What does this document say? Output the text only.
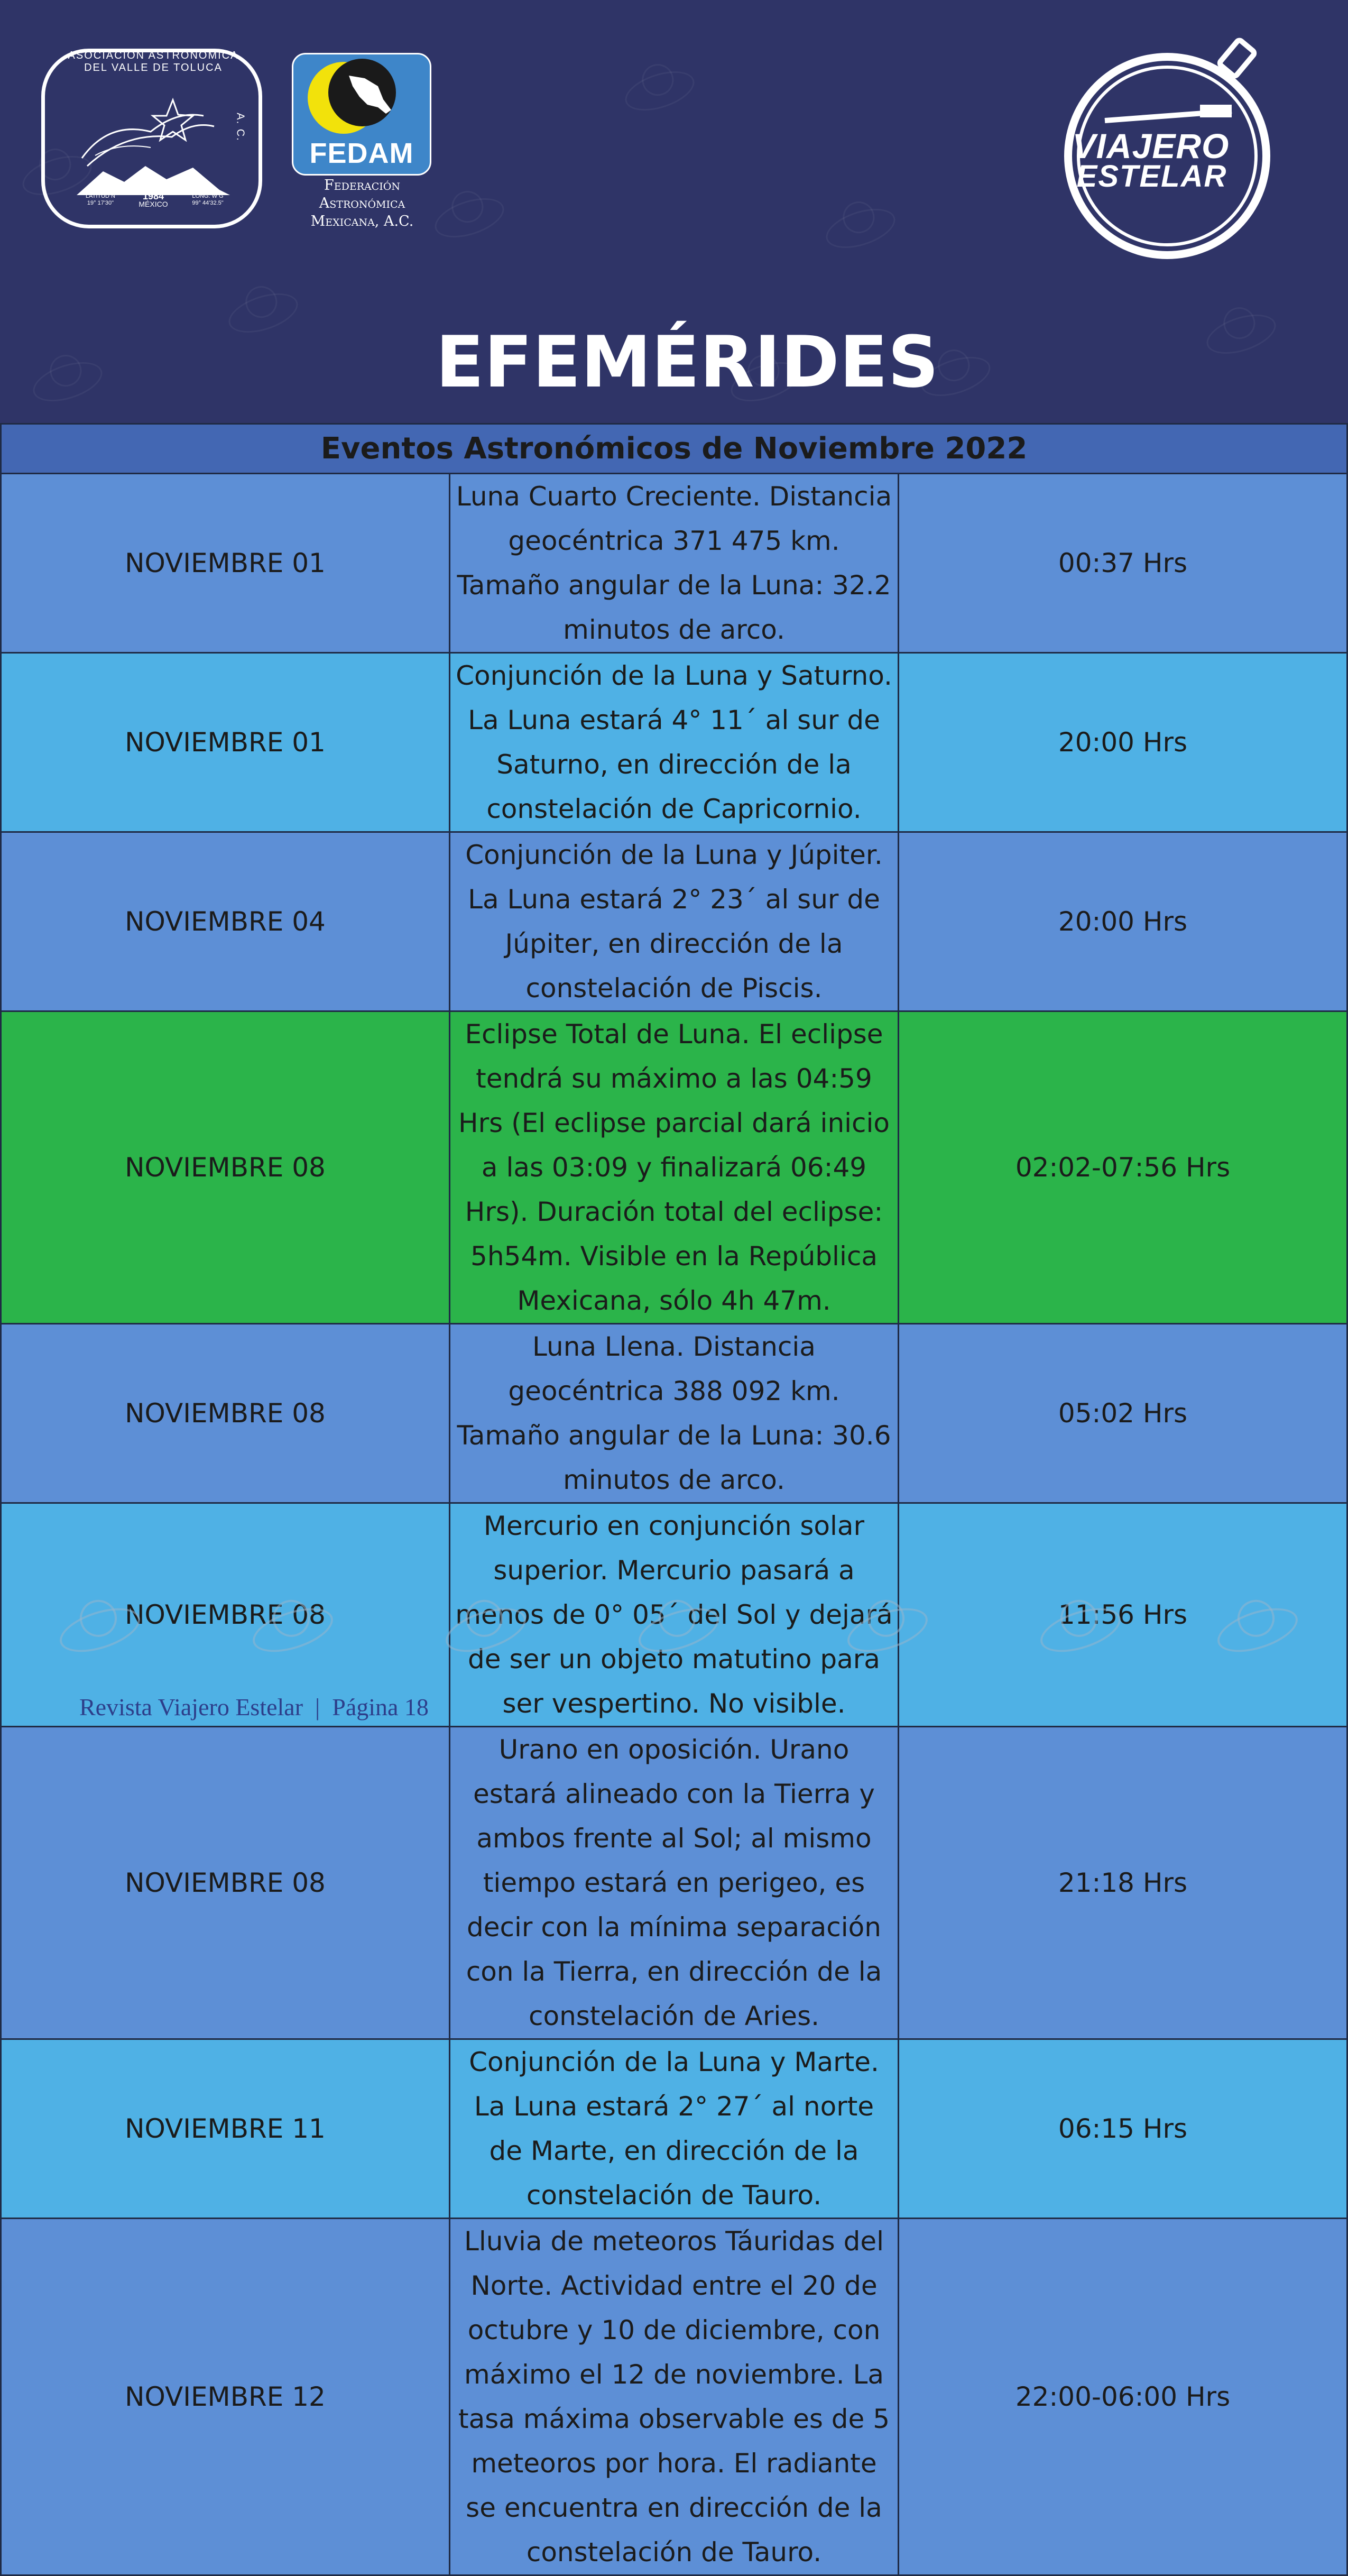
ASOCIACIÓN ASTRONÓMICA DEL VALLE DE TOLUCA
A. C.
FUNDADA EN
1984
MÉXICO
LATITUD N
19° 17'30"
LONG. W G
99° 44'32.5"
FEDAM
Federación
Astronómica
Mexicana, A.C.
VIAJERO
ESTELAR
EFEMÉRIDES
Eventos Astronómicos de Noviembre 2022		
NOVIEMBRE 01	Luna Cuarto Creciente. Distancia geocéntrica 371 475 km. Tamaño angular de la Luna: 32.2 minutos de arco.	00:37 Hrs
NOVIEMBRE 01	Conjunción de la Luna y Saturno. La Luna estará 4° 11´ al sur de Saturno, en dirección de la constelación de Capricornio.	20:00 Hrs
NOVIEMBRE 04	Conjunción de la Luna y Júpiter. La Luna estará 2° 23´ al sur de Júpiter, en dirección de la constelación de Piscis.	20:00 Hrs
NOVIEMBRE 08	Eclipse Total de Luna. El eclipse tendrá su máximo a las 04:59 Hrs (El eclipse parcial dará inicio a las 03:09 y finalizará 06:49 Hrs). Duración total del eclipse: 5h54m. Visible en la República Mexicana, sólo 4h 47m.	02:02-07:56 Hrs
NOVIEMBRE 08	Luna Llena. Distancia geocéntrica 388 092 km. Tamaño angular de la Luna: 30.6 minutos de arco.	05:02 Hrs
NOVIEMBRE 08	Mercurio en conjunción solar superior. Mercurio pasará a menos de 0° 05´ del Sol y dejará de ser un objeto matutino para ser vespertino. No visible.	11:56 Hrs
NOVIEMBRE 08	Urano en oposición. Urano estará alineado con la Tierra y ambos frente al Sol; al mismo tiempo estará en perigeo, es decir con la mínima separación con la Tierra, en dirección de la constelación de Aries.	21:18 Hrs
NOVIEMBRE 11	Conjunción de la Luna y Marte. La Luna estará 2° 27´ al norte de Marte, en dirección de la constelación de Tauro.	06:15 Hrs
NOVIEMBRE 12	Lluvia de meteoros Táuridas del Norte. Actividad entre el 20 de octubre y 10 de diciembre, con máximo el 12 de noviembre. La tasa máxima observable es de 5 meteoros por hora. El radiante se encuentra en dirección de la constelación de Tauro.	22:00-06:00 Hrs
Revista Viajero Estelar  |  Página 18
